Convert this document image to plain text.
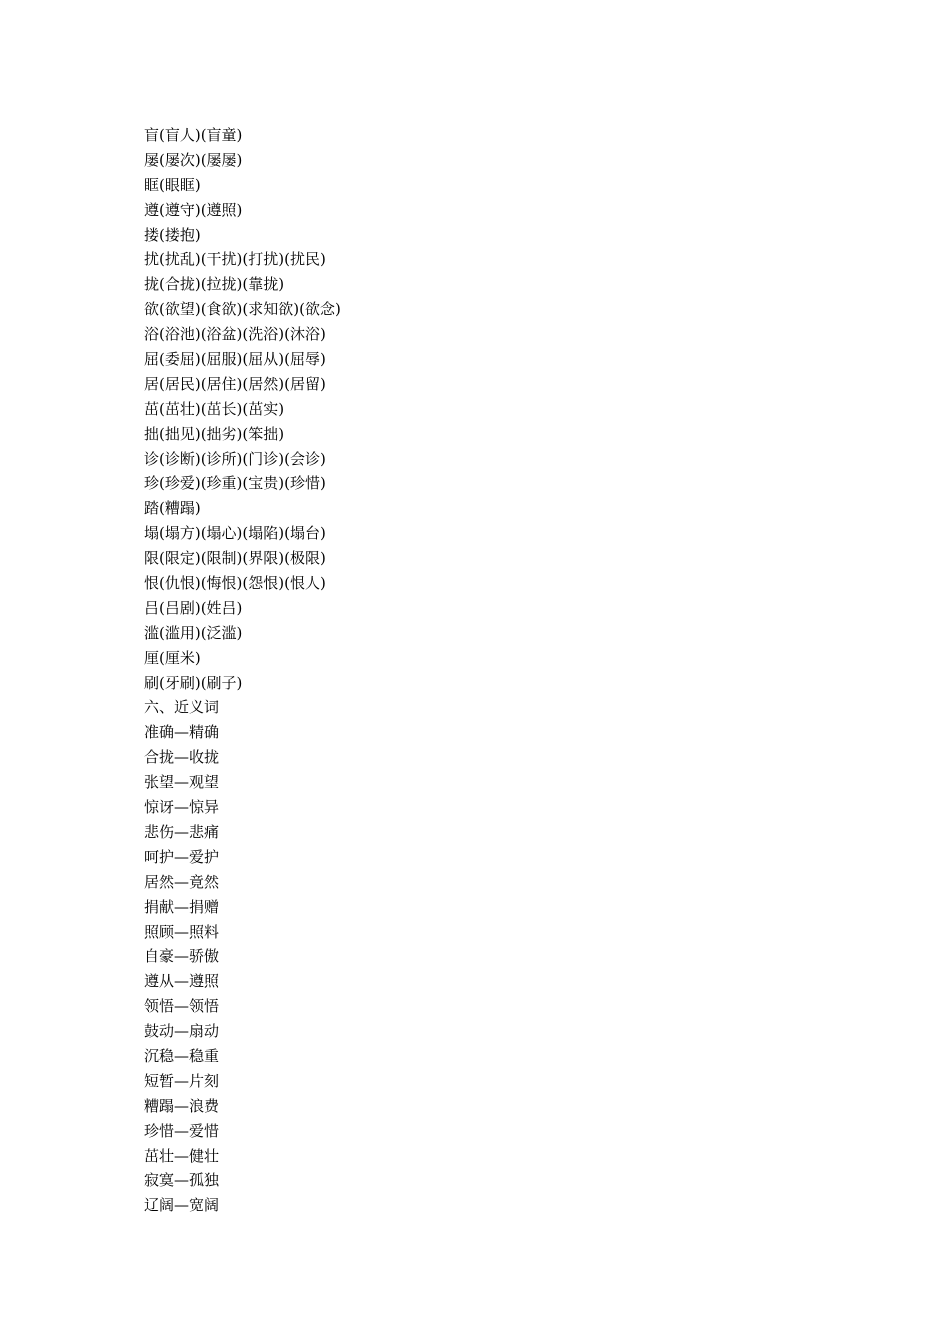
盲(盲人)(盲童)
屡(屡次)(屡屡)
眶(眼眶)
遵(遵守)(遵照)
搂(搂抱)
扰(扰乱)(干扰)(打扰)(扰民)
拢(合拢)(拉拢)(靠拢)
欲(欲望)(食欲)(求知欲)(欲念)
浴(浴池)(浴盆)(洗浴)(沐浴)
屈(委屈)(屈服)(屈从)(屈辱)
居(居民)(居住)(居然)(居留)
茁(茁壮)(茁长)(茁实)
拙(拙见)(拙劣)(笨拙)
诊(诊断)(诊所)(门诊)(会诊)
珍(珍爱)(珍重)(宝贵)(珍惜)
踏(糟蹋)
塌(塌方)(塌心)(塌陷)(塌台)
限(限定)(限制)(界限)(极限)
恨(仇恨)(悔恨)(怨恨)(恨人)
吕(吕剧)(姓吕)
滥(滥用)(泛滥)
厘(厘米)
刷(牙刷)(刷子)
六、近义词
准确—精确
合拢—收拢
张望—观望
惊讶—惊异
悲伤—悲痛
呵护—爱护
居然—竟然
捐献—捐赠
照顾—照料
自豪—骄傲
遵从—遵照
领悟—领悟
鼓动—扇动
沉稳—稳重
短暂—片刻
糟蹋—浪费
珍惜—爱惜
茁壮—健壮
寂寞—孤独
辽阔—宽阔
